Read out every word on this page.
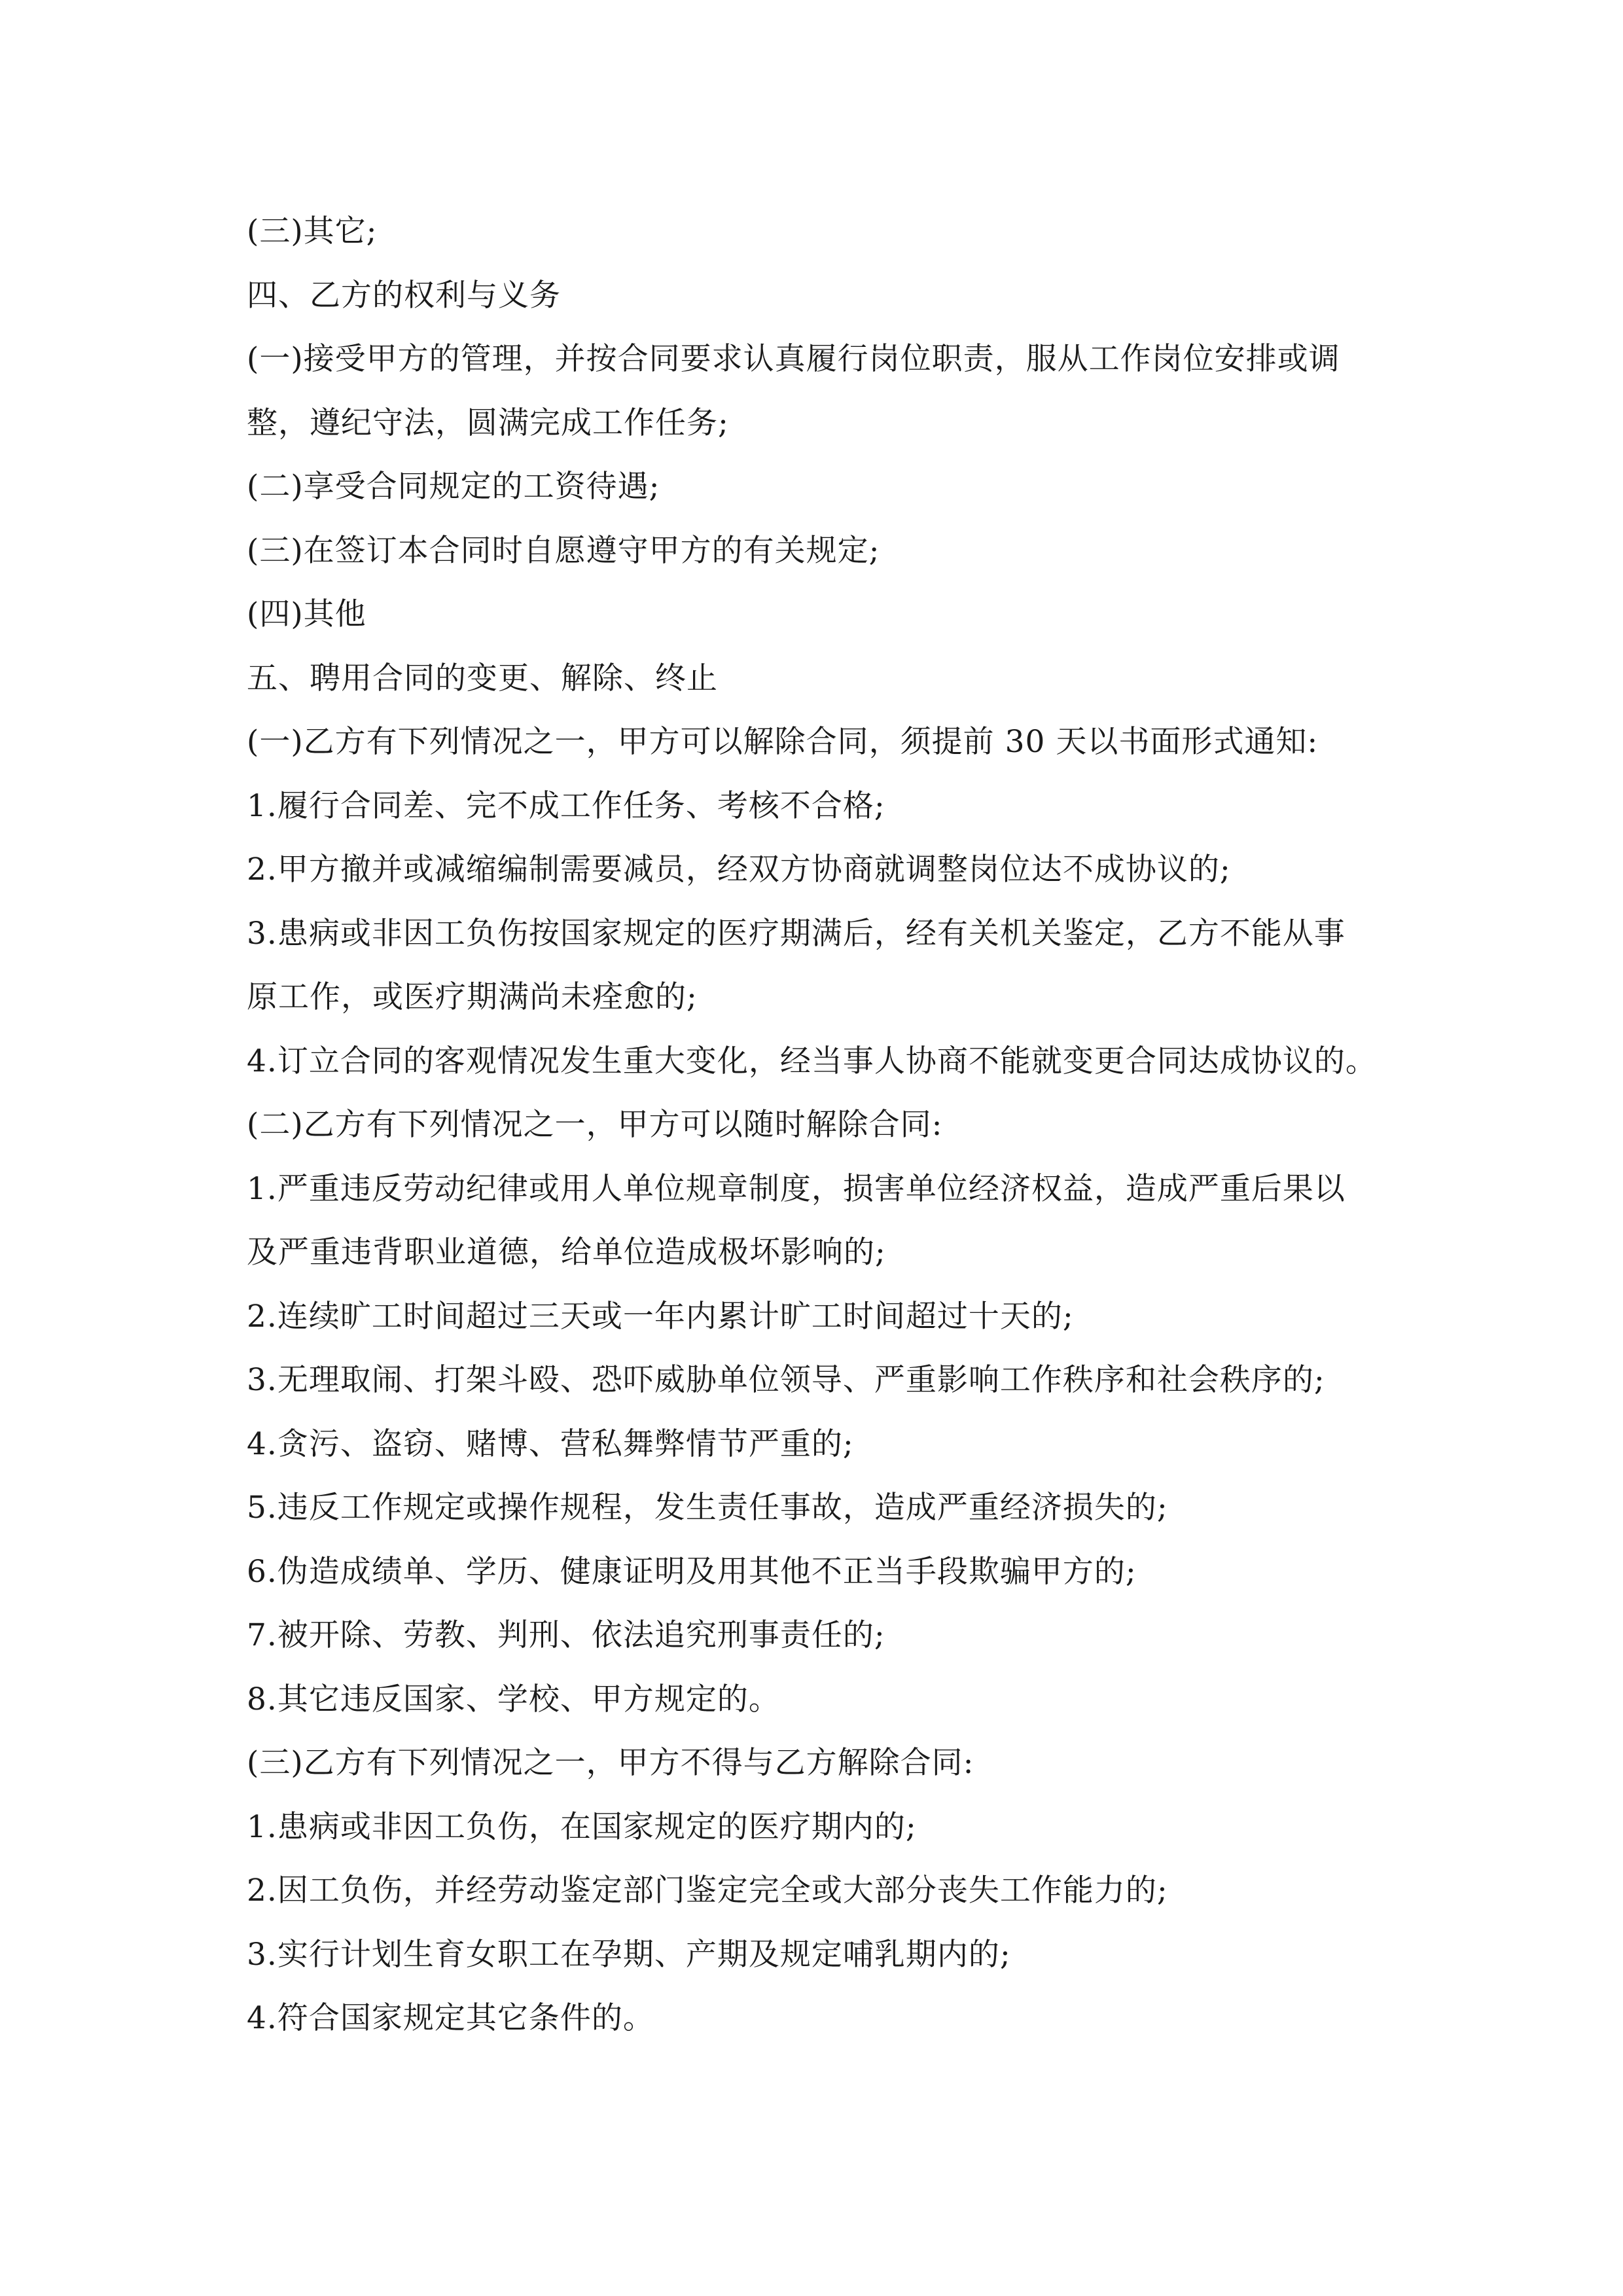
(三)其它;
四、乙方的权利与义务
(一)接受甲方的管理，并按合同要求认真履行岗位职责，服从工作岗位安排或调
整，遵纪守法，圆满完成工作任务;
(二)享受合同规定的工资待遇;
(三)在签订本合同时自愿遵守甲方的有关规定;
(四)其他
五、聘用合同的变更、解除、终止
(一)乙方有下列情况之一，甲方可以解除合同，须提前 30 天以书面形式通知:
1.履行合同差、完不成工作任务、考核不合格;
2.甲方撤并或减缩编制需要减员，经双方协商就调整岗位达不成协议的;
3.患病或非因工负伤按国家规定的医疗期满后，经有关机关鉴定，乙方不能从事
原工作，或医疗期满尚未痊愈的;
4.订立合同的客观情况发生重大变化，经当事人协商不能就变更合同达成协议的。
(二)乙方有下列情况之一，甲方可以随时解除合同:
1.严重违反劳动纪律或用人单位规章制度，损害单位经济权益，造成严重后果以
及严重违背职业道德，给单位造成极坏影响的;
2.连续旷工时间超过三天或一年内累计旷工时间超过十天的;
3.无理取闹、打架斗殴、恐吓威胁单位领导、严重影响工作秩序和社会秩序的;
4.贪污、盗窃、赌博、营私舞弊情节严重的;
5.违反工作规定或操作规程，发生责任事故，造成严重经济损失的;
6.伪造成绩单、学历、健康证明及用其他不正当手段欺骗甲方的;
7.被开除、劳教、判刑、依法追究刑事责任的;
8.其它违反国家、学校、甲方规定的。
(三)乙方有下列情况之一，甲方不得与乙方解除合同:
1.患病或非因工负伤，在国家规定的医疗期内的;
2.因工负伤，并经劳动鉴定部门鉴定完全或大部分丧失工作能力的;
3.实行计划生育女职工在孕期、产期及规定哺乳期内的;
4.符合国家规定其它条件的。
